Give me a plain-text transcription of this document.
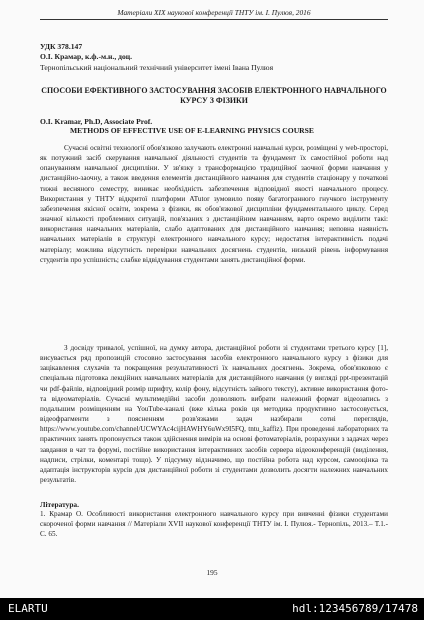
Матеріали XIX наукової конференції ТНТУ ім. І. Пулюя, 2016
УДК 378.147
О.І. Крамар, к.ф.-м.н., доц.
Тернопільський національний технічний університет імені Івана Пулюя
СПОСОБИ ЕФЕКТИВНОГО ЗАСТОСУВАННЯ ЗАСОБІВ ЕЛЕКТРОННОГО НАВЧАЛЬНОГО КУРСУ З ФІЗИКИ
O.I. Kramar, Ph.D, Associate Prof.
METHODS OF EFFECTIVE USE OF E-LEARNING PHYSICS COURSE
Сучасні освітні технології обов'язково залучають електронні навчальні курси, розміщені у web-просторі, як потужний засіб скерування навчальної діяльності студентів та фундамент їх самостійної роботи над опануванням навчальної дисципліни. У зв'язку з трансформацією традиційної заочної форми навчання у дистанційно-заочну, а також введення елементів дистанційного навчання для студентів стаціонару у початкові тижні весняного семестру, виникає необхідність забезпечення відповідної якості навчального процесу. Використання у ТНТУ відкритої платформи ATutor зумовило появу багатогранного гнучкого інструменту забезпечення якісної освіти, зокрема з фізики, як обов'язкової дисципліни фундаментального циклу. Серед значної кількості проблемних ситуацій, пов'язаних з дистанційним навчанням, варто окремо виділити такі: використання навчальних матеріалів, слабо адаптованих для дистанційного навчання; неповна наявність навчальних матеріалів в структурі електронного навчального курсу; недостатня інтерактивність подачі матеріалу; можлива відсутність перевірки навчальних досягнень студентів, низький рівень інформування студентів про успішність; слабке відвідування студентами занять дистанційної форми.
З досвіду тривалої, успішної, на думку автора, дистанційної роботи зі студентами третього курсу [1], висувається ряд пропозицій стосовно застосування засобів електронного навчального курсу з фізики для зацікавлення слухачів та покращення результативності їх навчальних досягнень. Зокрема, обов'язковою є спеціальна підготовка лекційних навчальних матеріалів для дистанційного навчання (у вигляді ppt-презентацій чи pdf-файлів, відповідний розмір шрифту, колір фону, відсутність зайвого тексту), активне використання фото- та відеоматеріалів. Сучасні мультимедійні засоби дозволяють вибрати належний формат відеозапись з подальшим розміщенням на YouTube-каналі (вже кілька років ця методика продуктивно застосовується, відеофрагменти з поясненням розв'язками задач назбирали сотні переглядів, https://www.youtube.com/channel/UCWYAc4cijHAWHY6uWx9I5FQ, tntu_kaffiz). При проведенні лабораторних та практичних занять пропонується також здійснення вимірів на основі фотоматеріалів, розрахунки з задачах через завдання в чат та форумі, постійне використання інтерактивних засобів сервера відеоконференцій (виділення, надписи, стрілки, коментарі тощо). У підсумку відзначимо, що постійна робота над курсом, самооцінка та адаптація інструкторів курсів для дистанційної роботи зі студентами дозволить досягти належних навчальних результатів.
Література.
1. Крамар О. Особливості використання електронного навчального курсу при вивченні фізики студентами скороченої форми навчання // Матеріали XVII наукової конференції ТНТУ ім. І. Пулюя.- Тернопіль, 2013.– Т.1.- С. 65.
195
ELARTU	hdl:123456789/17478
